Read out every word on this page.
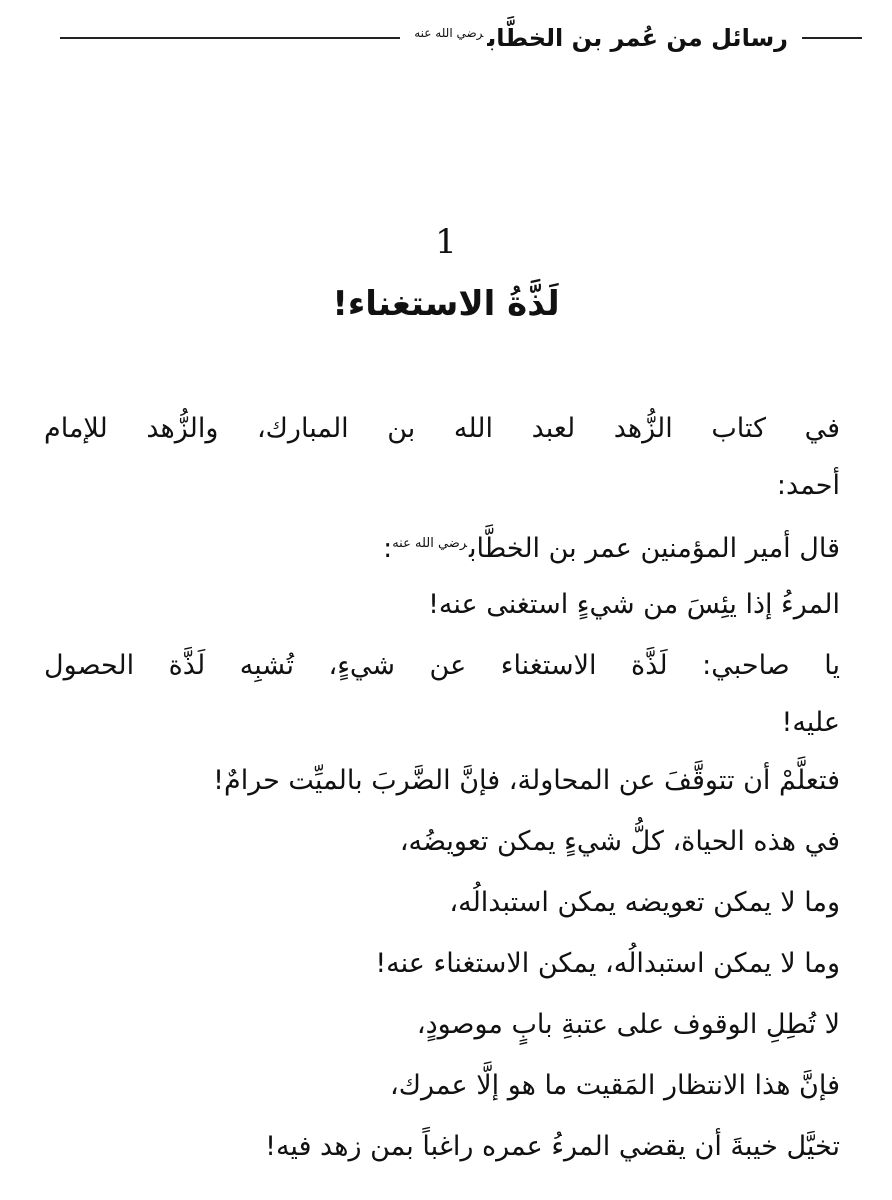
رسائل من عُمر بن الخطَّاب$^{رضي الله عنه}$
1
لَذَّةُ الاستغناء!
في كتاب الزُّهد لعبد الله بن المبارك، والزُّهد للإمام
أحمد:
قال أمير المؤمنين عمر بن الخطَّاب$^{رضي الله عنه}$:
المرءُ إذا يئِسَ من شيءٍ استغنى عنه!
يا صاحبي: لَذَّة الاستغناء عن شيءٍ، تُشبِه لَذَّة الحصول
عليه!
فتعلَّمْ أن تتوقَّفَ عن المحاولة، فإنَّ الضَّربَ بالميِّت حرامٌ!
في هذه الحياة، كلُّ شيءٍ يمكن تعويضُه،
وما لا يمكن تعويضه يمكن استبدالُه،
وما لا يمكن استبدالُه، يمكن الاستغناء عنه!
لا تُطِلِ الوقوف على عتبةِ بابٍ موصودٍ،
فإنَّ هذا الانتظار المَقيت ما هو إلَّا عمرك،
تخيَّل خيبةَ أن يقضي المرءُ عمره راغباً بمن زهد فيه!
